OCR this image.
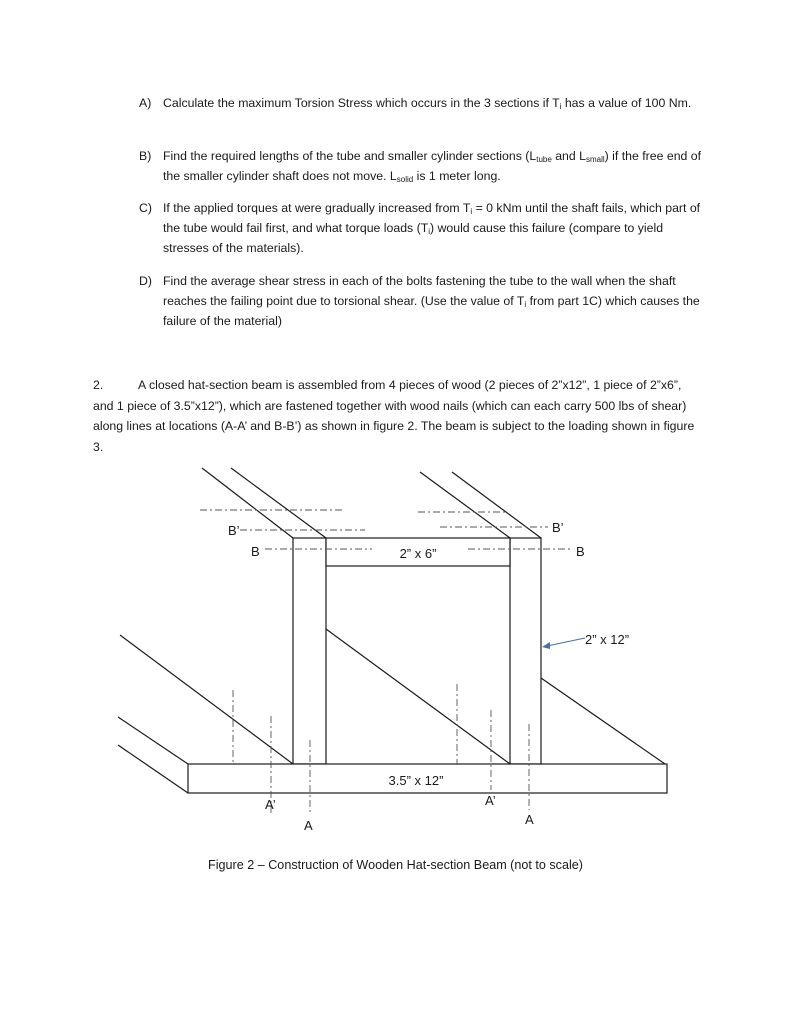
A) Calculate the maximum Torsion Stress which occurs in the 3 sections if $T_i$ has a value of 100 Nm.
B) Find the required lengths of the tube and smaller cylinder sections ($L_{tube}$ and $L_{small}$) if the free end of the smaller cylinder shaft does not move. $L_{solid}$ is 1 meter long.
C) If the applied torques at were gradually increased from $T_i = 0$ kNm until the shaft fails, which part of the tube would fail first, and what torque loads $(T_i)$ would cause this failure (compare to yield stresses of the materials).
D) Find the average shear stress in each of the bolts fastening the tube to the wall when the shaft reaches the failing point due to torsional shear. (Use the value of $T_i$ from part 1C) which causes the failure of the material)
2.	A closed hat-section beam is assembled from 4 pieces of wood (2 pieces of 2”x12”, 1 piece of 2”x6”, and 1 piece of 3.5”x12”), which are fastened together with wood nails (which can each carry 500 lbs of shear) along lines at locations (A-A’ and B-B’) as shown in figure 2. The beam is subject to the loading shown in figure 3.
2” x 6”
3.5” x 12”
2” x 12”
B’
B
B’
B
A’
A
A’
A
Figure 2 – Construction of Wooden Hat-section Beam (not to scale)
